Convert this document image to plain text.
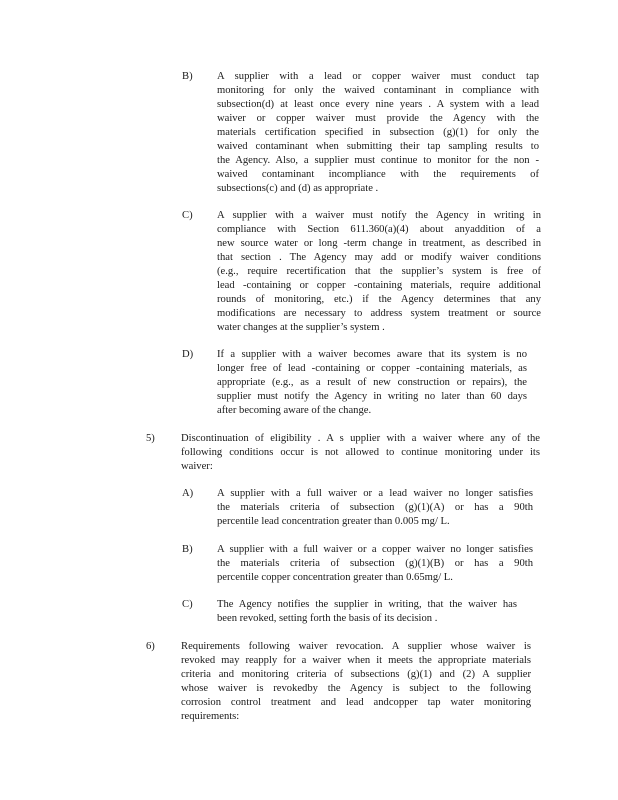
B) A supplier with a lead or copper waiver must conduct tap
monitoring for only the waived contaminant in compliance with
subsection(d) at least once every nine years . A system with a lead
waiver or copper waiver must provide the Agency with the
materials certification specified in subsection (g)(1) for only the
waived contaminant when submitting their tap sampling results to
the Agency. Also, a supplier must continue to monitor for the non -
waived contaminant incompliance with the requirements of
subsections(c) and (d) as appropriate .
C) A supplier with a waiver must notify the Agency in writing in
compliance with Section 611.360(a)(4) about anyaddition of a
new source water or long -term change in treatment, as described in
that section . The Agency may add or modify waiver conditions
(e.g., require recertification that the supplier’s system is free of
lead -containing or copper -containing materials, require additional
rounds of monitoring, etc.) if the Agency determines that any
modifications are necessary to address system treatment or source
water changes at the supplier’s system .
D) If a supplier with a waiver becomes aware that its system is no
longer free of lead -containing or copper -containing materials, as
appropriate (e.g., as a result of new construction or repairs), the
supplier must notify the Agency in writing no later than 60 days
after becoming aware of the change.
5) Discontinuation of eligibility . A s upplier with a waiver where any of the
following conditions occur is not allowed to continue monitoring under its
waiver:
A) A supplier with a full waiver or a lead waiver no longer satisfies
the materials criteria of subsection (g)(1)(A) or has a 90th
percentile lead concentration greater than 0.005 mg/ L.
B) A supplier with a full waiver or a copper waiver no longer satisfies
the materials criteria of subsection (g)(1)(B) or has a 90th
percentile copper concentration greater than 0.65mg/ L.
C) The Agency notifies the supplier in writing, that the waiver has
been revoked, setting forth the basis of its decision .
6) Requirements following waiver revocation. A supplier whose waiver is
revoked may reapply for a waiver when it meets the appropriate materials
criteria and monitoring criteria of subsections (g)(1) and (2) A supplier
whose waiver is revokedby the Agency is subject to the following
corrosion control treatment and lead andcopper tap water monitoring
requirements:
